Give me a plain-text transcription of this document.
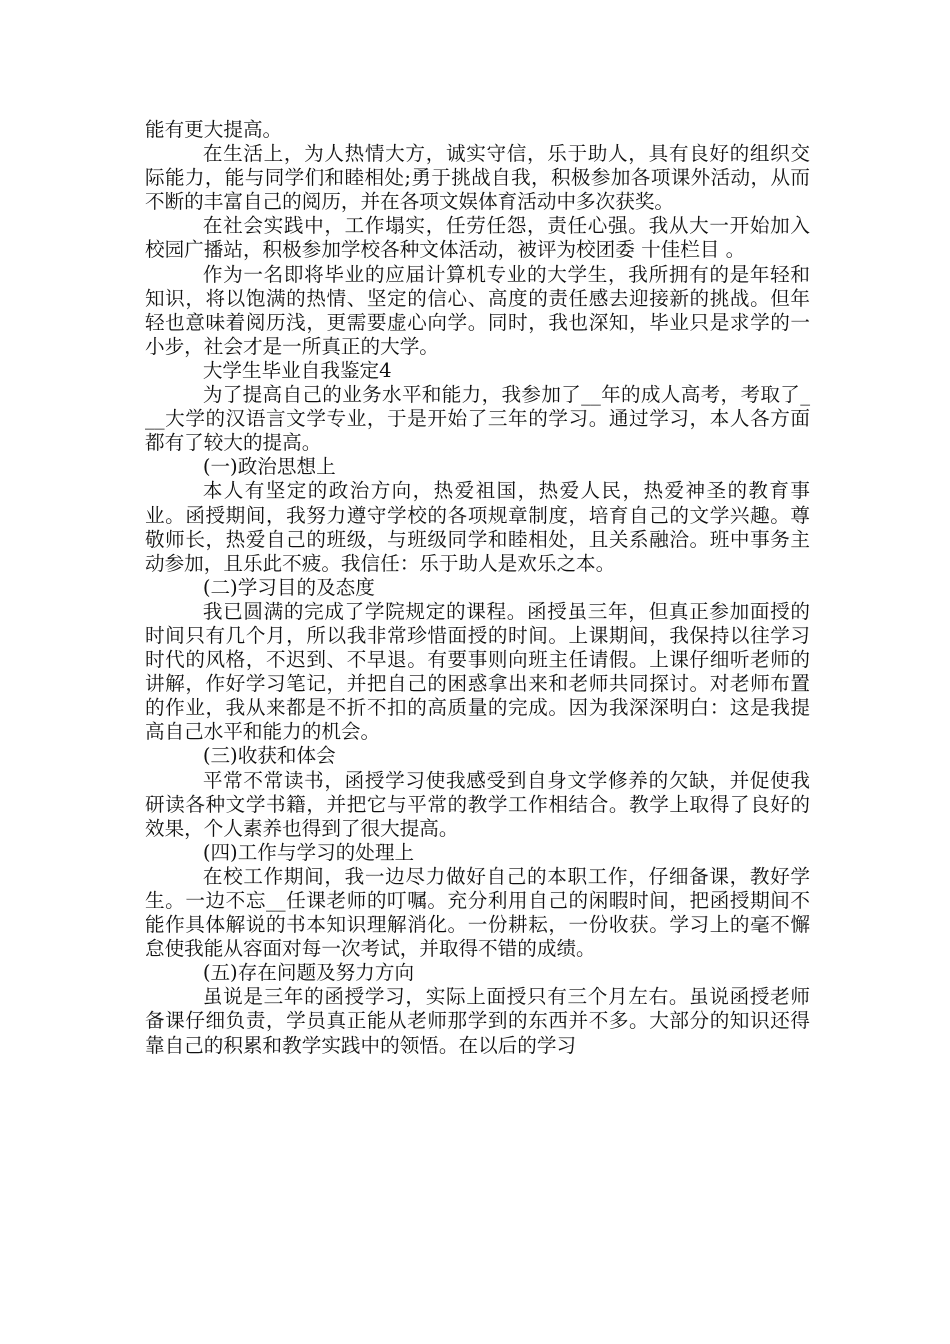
能有更大提高。

在生活上，为人热情大方，诚实守信，乐于助人，具有良好的组织交际能力，能与同学们和睦相处;勇于挑战自我，积极参加各项课外活动，从而不断的丰富自己的阅历，并在各项文娱体育活动中多次获奖。

在社会实践中，工作塌实，任劳任怨，责任心强。我从大一开始加入校园广播站，积极参加学校各种文体活动，被评为校团委 十佳栏目 。

作为一名即将毕业的应届计算机专业的大学生，我所拥有的是年轻和知识，将以饱满的热情、坚定的信心、高度的责任感去迎接新的挑战。但年轻也意味着阅历浅，更需要虚心向学。同时，我也深知，毕业只是求学的一小步，社会才是一所真正的大学。

大学生毕业自我鉴定4

为了提高自己的业务水平和能力，我参加了__年的成人高考，考取了___大学的汉语言文学专业，于是开始了三年的学习。通过学习，本人各方面都有了较大的提高。

(一)政治思想上

本人有坚定的政治方向，热爱祖国，热爱人民，热爱神圣的教育事业。函授期间，我努力遵守学校的各项规章制度，培育自己的文学兴趣。尊敬师长，热爱自己的班级，与班级同学和睦相处，且关系融洽。班中事务主动参加，且乐此不疲。我信任：乐于助人是欢乐之本。

(二)学习目的及态度

我已圆满的完成了学院规定的课程。函授虽三年，但真正参加面授的时间只有几个月，所以我非常珍惜面授的时间。上课期间，我保持以往学习时代的风格，不迟到、不早退。有要事则向班主任请假。上课仔细听老师的讲解，作好学习笔记，并把自己的困惑拿出来和老师共同探讨。对老师布置的作业，我从来都是不折不扣的高质量的完成。因为我深深明白：这是我提高自己水平和能力的机会。

(三)收获和体会

平常不常读书，函授学习使我感受到自身文学修养的欠缺，并促使我研读各种文学书籍，并把它与平常的教学工作相结合。教学上取得了良好的效果，个人素养也得到了很大提高。

(四)工作与学习的处理上

在校工作期间，我一边尽力做好自己的本职工作，仔细备课，教好学生。一边不忘__任课老师的叮嘱。充分利用自己的闲暇时间，把函授期间不能作具体解说的书本知识理解消化。一份耕耘，一份收获。学习上的毫不懈怠使我能从容面对每一次考试，并取得不错的成绩。

(五)存在问题及努力方向

虽说是三年的函授学习，实际上面授只有三个月左右。虽说函授老师备课仔细负责，学员真正能从老师那学到的东西并不多。大部分的知识还得靠自己的积累和教学实践中的领悟。在以后的学习
